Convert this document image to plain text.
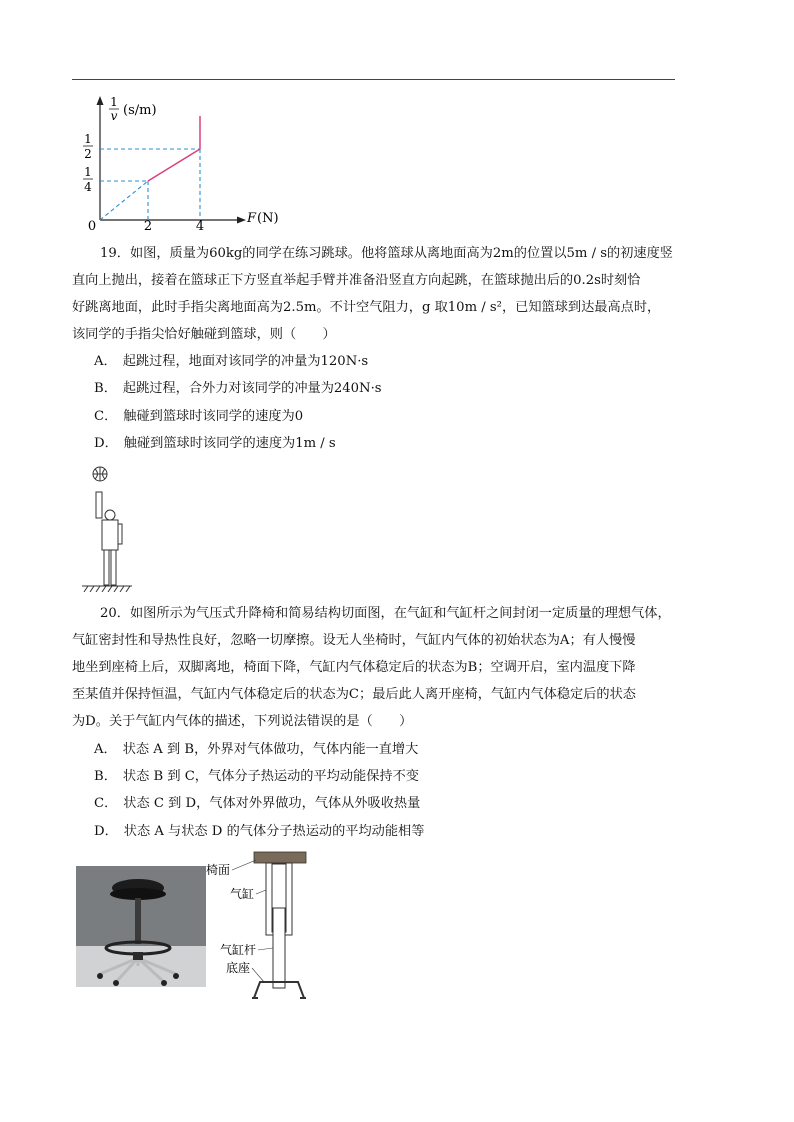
1
v (s/m)
1
2
1
4
0	2	4
F (N)

19．如图，质量为60kg的同学在练习跳球。他将篮球从离地面高为2m的位置以5m / s的初速度竖

直向上抛出，接着在篮球正下方竖直举起手臂并准备沿竖直方向起跳，在篮球抛出后的0.2s时刻恰

好跳离地面，此时手指尖离地面高为2.5m。不计空气阻力，g 取10m / s²，已知篮球到达最高点时，

该同学的手指尖恰好触碰到篮球，则（　　）

A． 起跳过程，地面对该同学的冲量为120N·s
B． 起跳过程，合外力对该同学的冲量为240N·s
C． 触碰到篮球时该同学的速度为0
D． 触碰到篮球时该同学的速度为1m / s

20．如图所示为气压式升降椅和简易结构切面图，在气缸和气缸杆之间封闭一定质量的理想气体，

气缸密封性和导热性良好，忽略一切摩擦。设无人坐椅时，气缸内气体的初始状态为A；有人慢慢

地坐到座椅上后，双脚离地，椅面下降，气缸内气体稳定后的状态为B；空调开启，室内温度下降

至某值并保持恒温，气缸内气体稳定后的状态为C；最后此人离开座椅，气缸内气体稳定后的状态

为D。关于气缸内气体的描述，下列说法错误的是（　　）

A． 状态 A 到 B，外界对气体做功，气体内能一直增大
B． 状态 B 到 C，气体分子热运动的平均动能保持不变
C． 状态 C 到 D，气体对外界做功，气体从外吸收热量
D． 状态 A 与状态 D 的气体分子热运动的平均动能相等
椅面
气缸
气缸杆
底座
